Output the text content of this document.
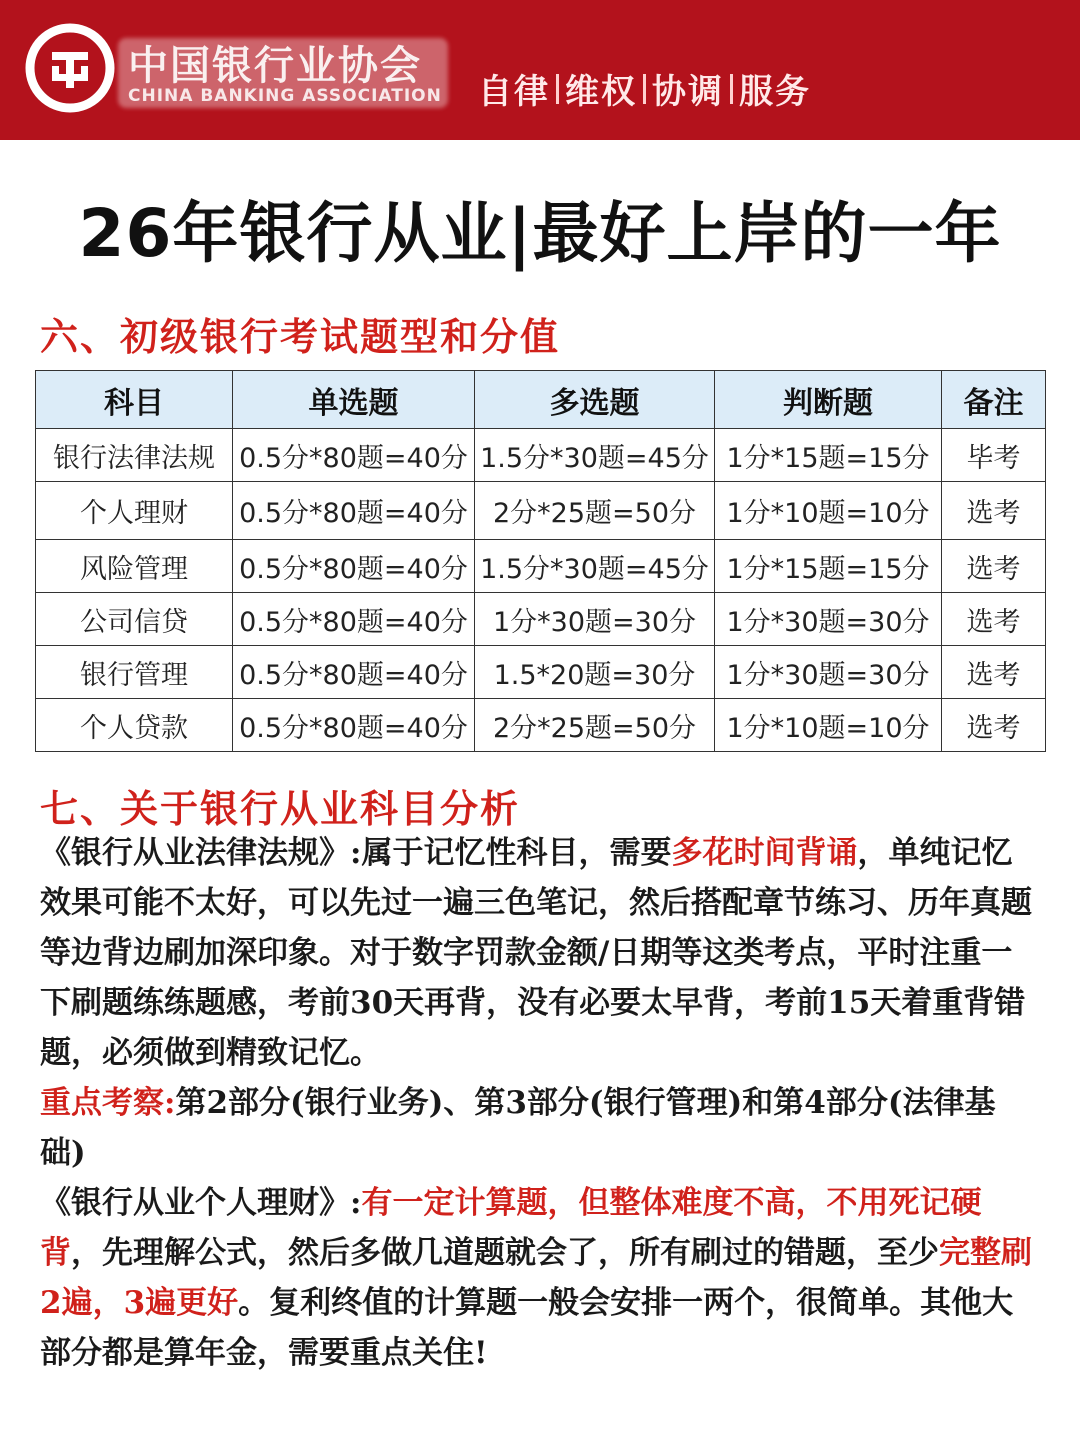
中国银行业协会
CHINA BANKING ASSOCIATION 自律 维权 协调 服务
26年银行从业|最好上岸的一年
六、初级银行考试题型和分值
科目	单选题	多选题	判断题	备注
银行法律法规	0.5分*80题=40分	1.5分*30题=45分	1分*15题=15分	毕考
个人理财	0.5分*80题=40分	2分*25题=50分	1分*10题=10分	选考
风险管理	0.5分*80题=40分	1.5分*30题=45分	1分*15题=15分	选考
公司信贷	0.5分*80题=40分	1分*30题=30分	1分*30题=30分	选考
银行管理	0.5分*80题=40分	1.5*20题=30分	1分*30题=30分	选考
个人贷款	0.5分*80题=40分	2分*25题=50分	1分*10题=10分	选考
七、关于银行从业科目分析
《银行从业法律法规》:属于记忆性科目，需要多花时间背诵，单纯记忆效果可能不太好，可以先过一遍三色笔记，然后搭配章节练习、历年真题等边背边刷加深印象。对于数字罚款金额/日期等这类考点，平时注重一下刷题练练题感，考前30天再背，没有必要太早背，考前15天着重背错题，必须做到精致记忆。
重点考察:第2部分(银行业务)、第3部分(银行管理)和第4部分(法律基础)
《银行从业个人理财》:有一定计算题，但整体难度不高，不用死记硬背，先理解公式，然后多做几道题就会了，所有刷过的错题，至少完整刷2遍，3遍更好。复利终值的计算题一般会安排一两个，很简单。其他大部分都是算年金，需要重点关住!
